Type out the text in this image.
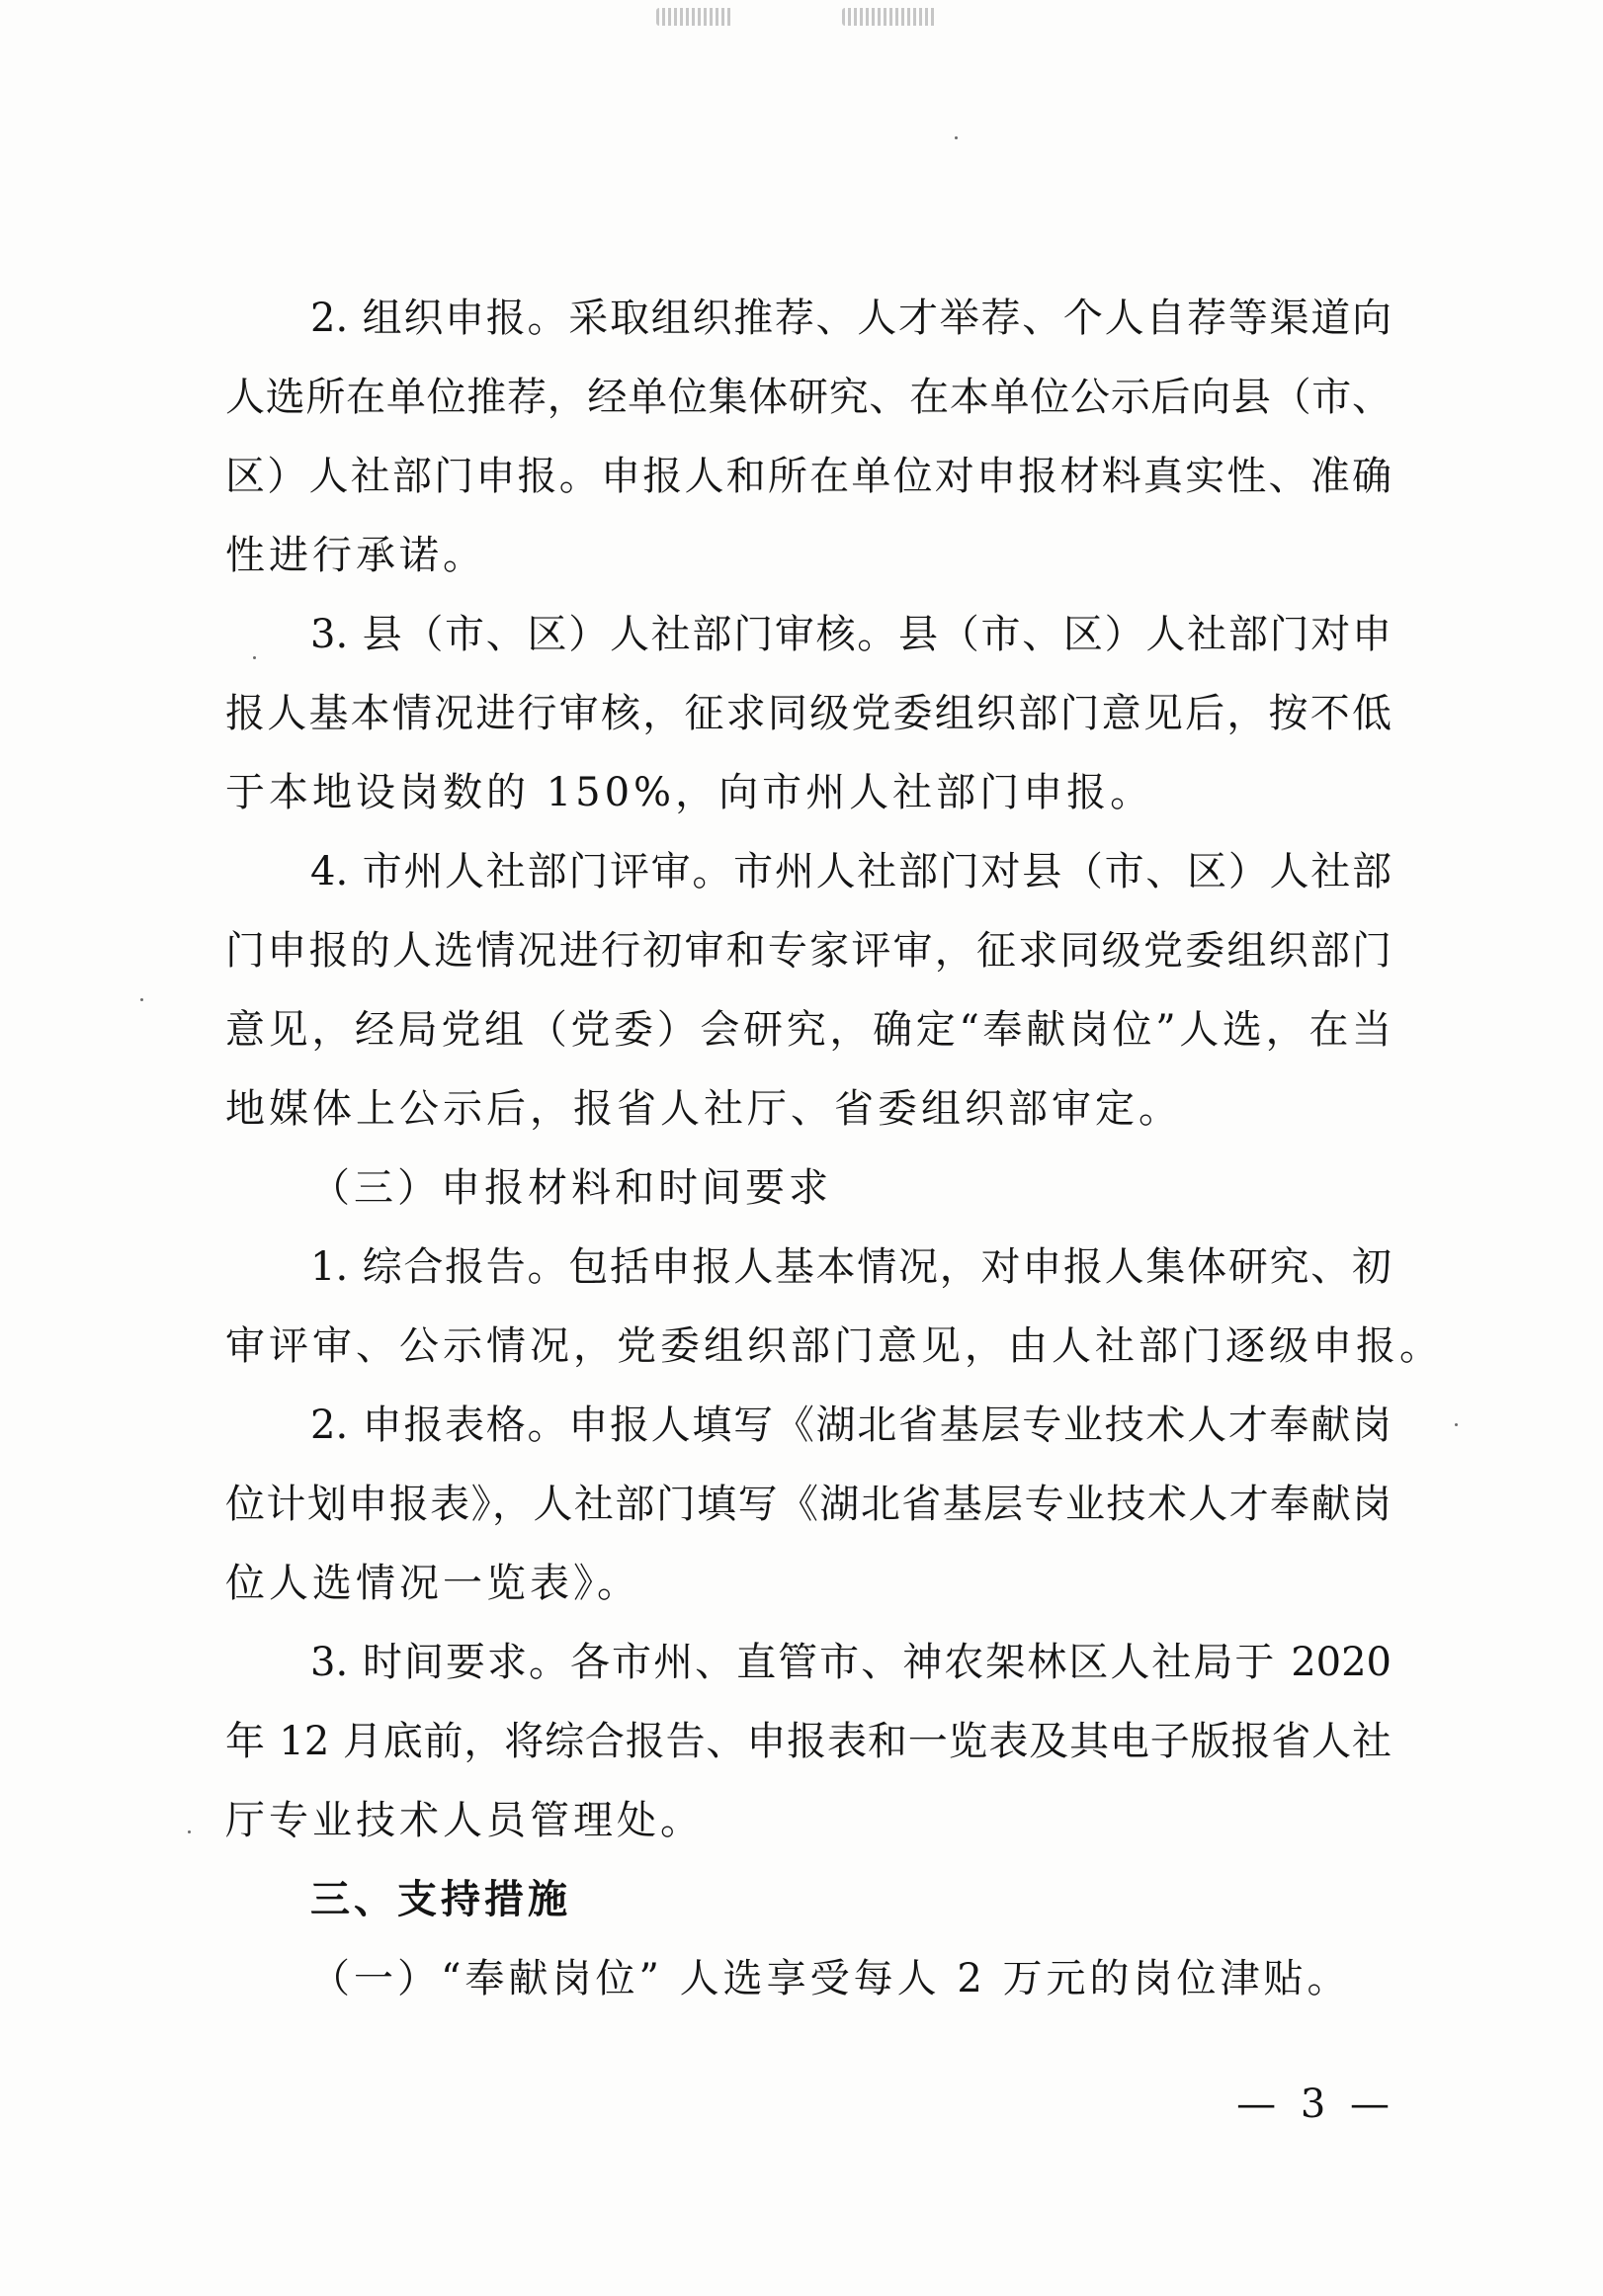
2. 组织申报。采取组织推荐、人才举荐、个人自荐等渠道向
人选所在单位推荐，经单位集体研究、在本单位公示后向县（市、
区）人社部门申报。申报人和所在单位对申报材料真实性、准确
性进行承诺。
3. 县（市、区）人社部门审核。县（市、区）人社部门对申
报人基本情况进行审核，征求同级党委组织部门意见后，按不低
于本地设岗数的 150%，向市州人社部门申报。
4. 市州人社部门评审。市州人社部门对县（市、区）人社部
门申报的人选情况进行初审和专家评审，征求同级党委组织部门
意见，经局党组（党委）会研究，确定“奉献岗位”人选，在当
地媒体上公示后，报省人社厅、省委组织部审定。
（三）申报材料和时间要求
1. 综合报告。包括申报人基本情况，对申报人集体研究、初
审评审、公示情况，党委组织部门意见，由人社部门逐级申报。
2. 申报表格。申报人填写《湖北省基层专业技术人才奉献岗
位计划申报表》，人社部门填写《湖北省基层专业技术人才奉献岗
位人选情况一览表》。
3. 时间要求。各市州、直管市、神农架林区人社局于 2020
年 12 月底前，将综合报告、申报表和一览表及其电子版报省人社
厅专业技术人员管理处。
三、支持措施
（一）“奉献岗位” 人选享受每人 2 万元的岗位津贴。
— 3 —
